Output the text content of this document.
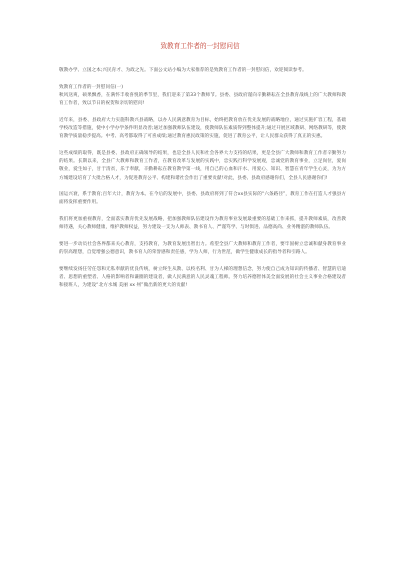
致教育工作者的一封慰问信

敬教办学、立国之本;兴民育才、为政之先。下面公文站小编为大家推荐的是致教育工作者的一封慰问信，欢迎阅读参考。

致教育工作者的一封慰问信(一)

秋风送爽，硕果飘香，在满怀丰收喜悦的季节里，我们迎来了第33个教师节。县委、县政府谨向辛勤耕耘在全县教育战线上的广大教师和教育工作者，致以节日的祝贺和亲切的慰问!

近年来，县委、县政府大力实施科教兴县战略，以办人民满意教育为目标，始终把教育放在优先发展的战略地位，通过实施扩容工程，基础学校改造等措施，使中小学办学条件明显改善;通过加强教师队伍建设，使教师队伍素质得到整体提升;通过开展区域教研、网络教研等，使教育教学质量稳步提高。中考、高考都取得了可喜成绩;通过教育惠民政策的实施，促进了教育公平，让人民群众获得了真正的实惠。

这些成绩的取得，既是县委、县政府正确领导的结果，也是全县人民和社会各界大力支持的结果，更是全县广大教师和教育工作者辛勤努力的结果。长期以来，全县广大教师和教育工作者，在教育改革与发展的实践中，忠实践行科学发展观，忠诚党的教育事业，立足岗位，爱岗敬业，爱生如子，甘于清贫，乐于奉献，辛勤耕耘在教育教学第一线，用自己的心血和汗水、用爱心、知识、智慧在青年学生心灵，为为方方城建设培育了大批合格人才，为促进教育公平、构建和谐社会作出了重要贡献!对此，县委、县政府感谢你们，全县人民感谢你们!

国运兴衰，系于教育;百年大计，教育为本。在今后的发展中，县委、县政府将到了符合xx县实际的“六条路径”，教育工作在打造人才强县方面将发挥重要作用。

我们将更加重视教育，全面落实教育优先发展战略，把加强教师队伍建设作为教育事业发展最重要的基础工作来抓，提升教师素质，改善教师待遇，关心教师健康，维护教师权益，努力建设一支为人师表、教书育人、严谨笃学、与时俱进、品德高尚、业务精湛的教师队伍。

要进一步动员社会各界都来关心教育，支持教育，为教育发展出智出力。希望全县广大教师和教育工作者，要牢固树立忠诚和献身教育事业的崇高理想，自觉增强公德意识，教书育人的荣誉感和责任感，学为人师，行为世范，做学生健康成长的指导者和引路人。

要继续发扬任劳任怨和无私奉献的优良传统，树立终生从教、以校名利、甘为人梯的理想信念，努力使自己成为知识的传播者、智慧的启迪者、思想的重塑者、人格的影响者和谦圈的建设者，做人民满意的人民灵魂工程师。努力培养德智体美全面发展的社会主义事业合格建设者和接班人，为建设“北方水城 美丽 xx 州”做出新的更大的贡献!
